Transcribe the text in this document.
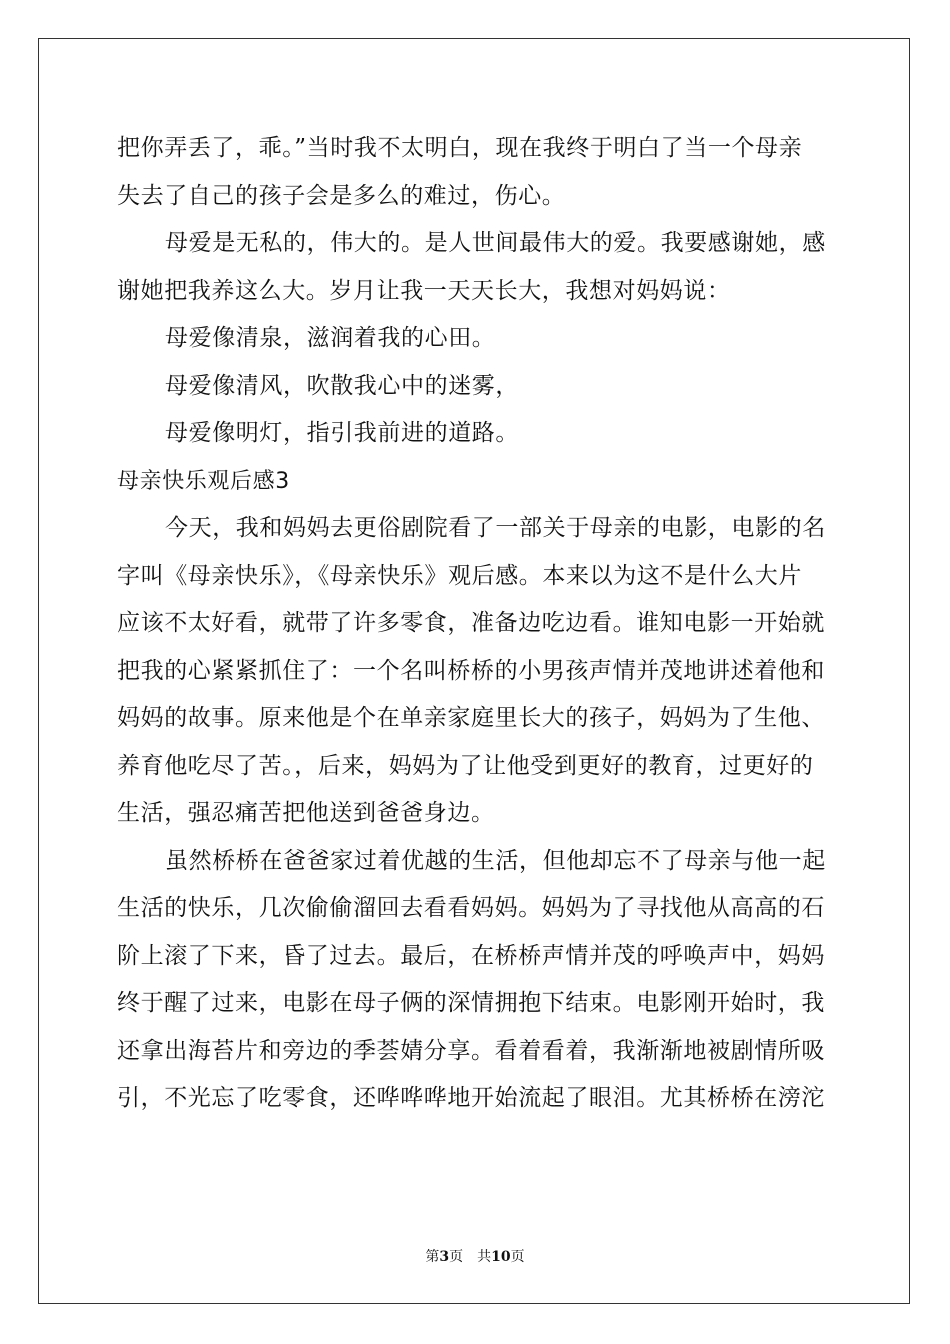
把你弄丢了，乖。”当时我不太明白，现在我终于明白了当一个母亲
失去了自己的孩子会是多么的难过，伤心。
母爱是无私的，伟大的。是人世间最伟大的爱。我要感谢她，感
谢她把我养这么大。岁月让我一天天长大，我想对妈妈说：
母爱像清泉，滋润着我的心田。
母爱像清风，吹散我心中的迷雾，
母爱像明灯，指引我前进的道路。
母亲快乐观后感3
今天，我和妈妈去更俗剧院看了一部关于母亲的电影，电影的名
字叫《母亲快乐》，《母亲快乐》观后感。本来以为这不是什么大片
应该不太好看，就带了许多零食，准备边吃边看。谁知电影一开始就
把我的心紧紧抓住了：一个名叫桥桥的小男孩声情并茂地讲述着他和
妈妈的故事。原来他是个在单亲家庭里长大的孩子，妈妈为了生他、
养育他吃尽了苦。，后来，妈妈为了让他受到更好的教育，过更好的
生活，强忍痛苦把他送到爸爸身边。
虽然桥桥在爸爸家过着优越的生活，但他却忘不了母亲与他一起
生活的快乐，几次偷偷溜回去看看妈妈。妈妈为了寻找他从高高的石
阶上滚了下来，昏了过去。最后，在桥桥声情并茂的呼唤声中，妈妈
终于醒了过来，电影在母子俩的深情拥抱下结束。电影刚开始时，我
还拿出海苔片和旁边的季荟婧分享。看着看着，我渐渐地被剧情所吸
引，不光忘了吃零食，还哗哗哗地开始流起了眼泪。尤其桥桥在滂沱
第3页 共10页
